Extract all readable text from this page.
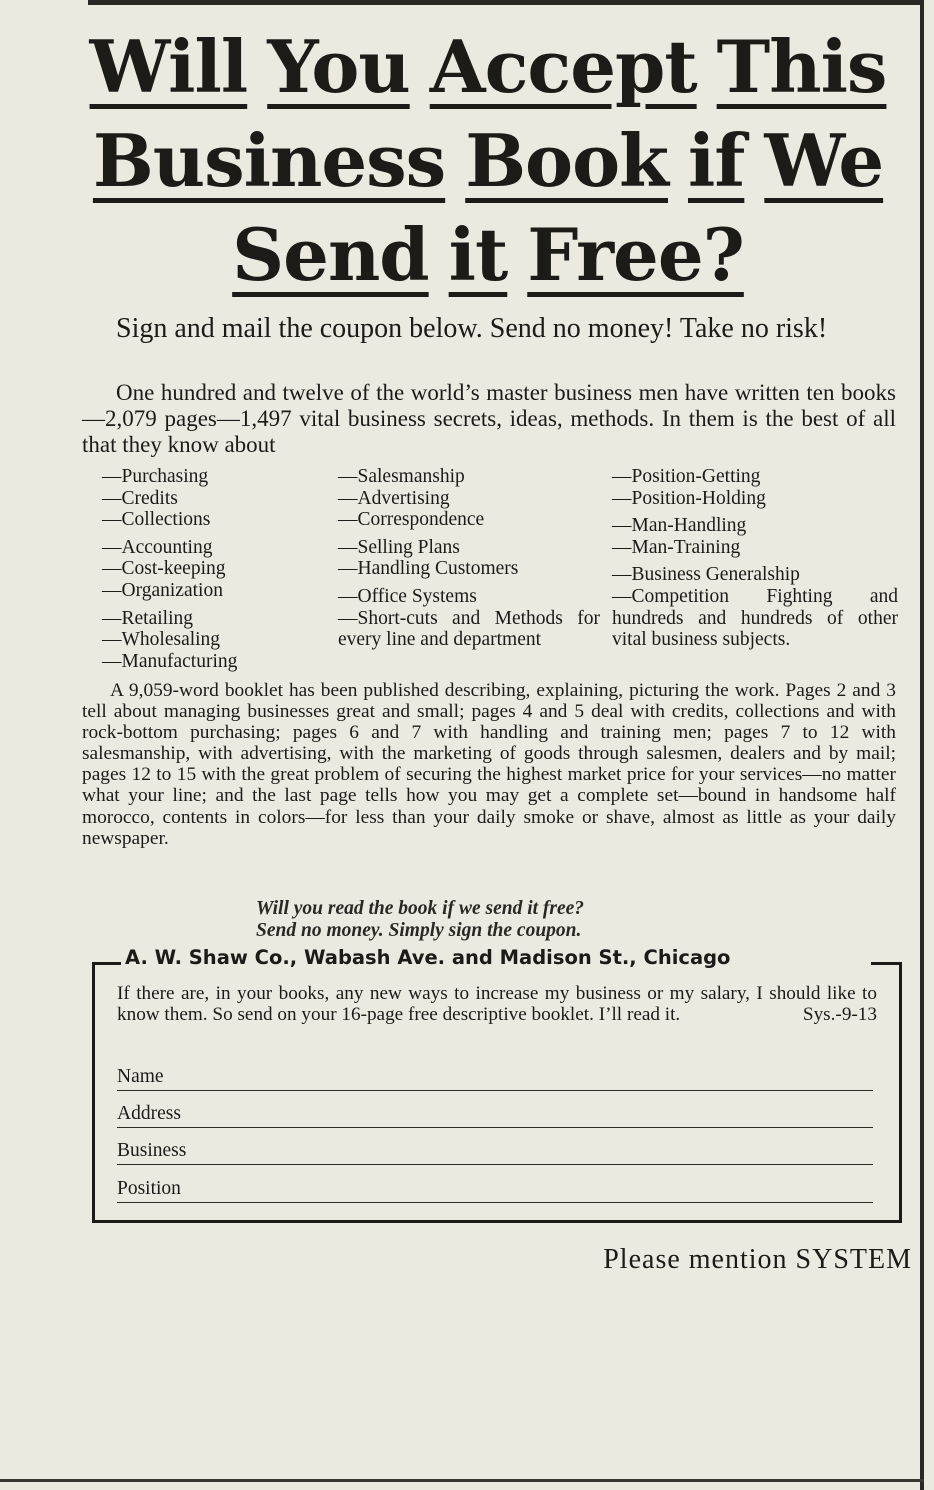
Will You Accept This
Business Book if We
Send it Free?
Sign and mail the coupon below. Send no money! Take no risk!
One hundred and twelve of the world’s master business men have written ten books—2,079 pages—1,497 vital business secrets, ideas, methods. In them is the best of all that they know about
—Purchasing
—Credits
—Collections
—Accounting
—Cost-keeping
—Organization
—Retailing
—Wholesaling
—Manufacturing
—Salesmanship
—Advertising
—Correspondence
—Selling Plans
—Handling Customers
—Office Systems
—Short-cuts and Methods for every line and department
—Position-Getting
—Position-Holding
—Man-Handling
—Man-Training
—Business Generalship
—Competition Fighting and hundreds and hundreds of other vital business subjects.
A 9,059-word booklet has been published describing, explaining, picturing the work. Pages 2 and 3 tell about managing businesses great and small; pages 4 and 5 deal with credits, collections and with rock-bottom purchasing; pages 6 and 7 with handling and training men; pages 7 to 12 with salesmanship, with advertising, with the marketing of goods through salesmen, dealers and by mail; pages 12 to 15 with the great problem of securing the highest market price for your services—no matter what your line; and the last page tells how you may get a complete set—bound in handsome half morocco, contents in colors—for less than your daily smoke or shave, almost as little as your daily newspaper.
Will you read the book if we send it free?
Send no money. Simply sign the coupon.
A. W. Shaw Co., Wabash Ave. and Madison St., Chicago
If there are, in your books, any new ways to increase my business or my salary, I should like to know them. So send on your 16-page free descriptive booklet. I’ll read it.	Sys.-9-13
Name
Address
Business
Position
Please mention SYSTEM
